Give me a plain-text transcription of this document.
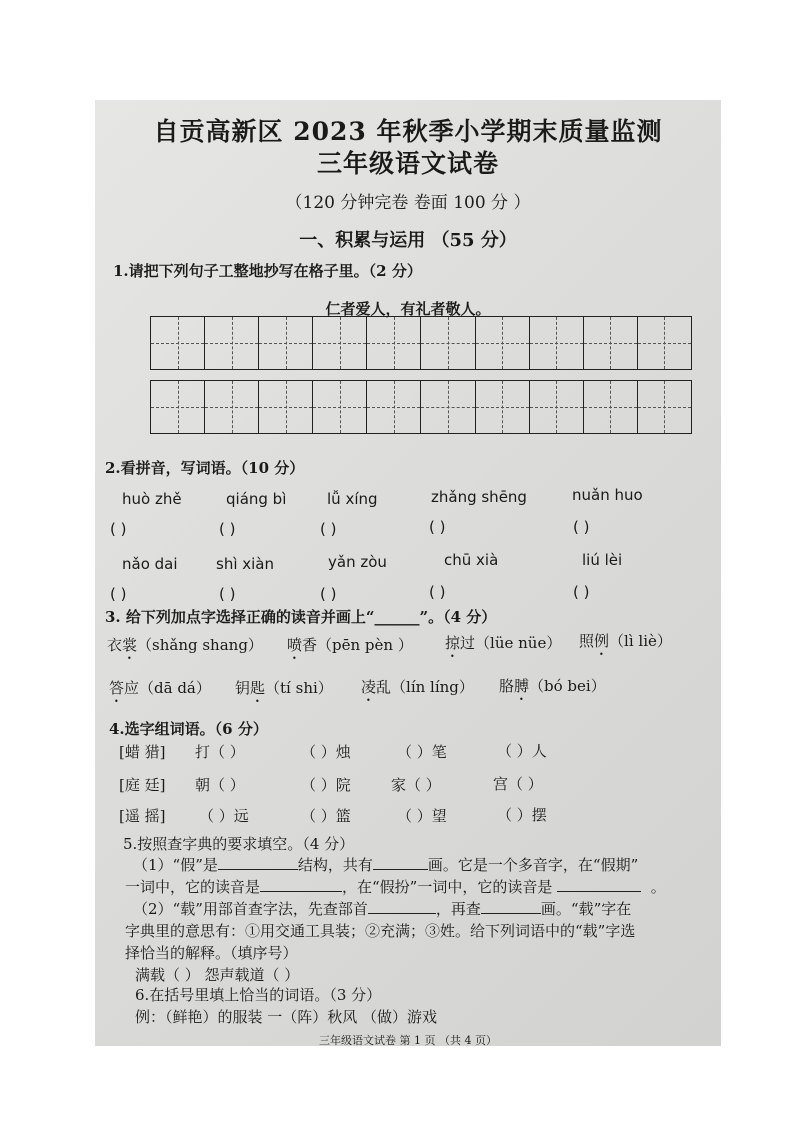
自贡高新区 2023 年秋季小学期末质量监测
三年级语文试卷
（120 分钟完卷 卷面 100 分 ）
一、积累与运用 （55 分）
1.请把下列句子工整地抄写在格子里。（2 分）
仁者爱人，有礼者敬人。
2.看拼音，写词语。（10 分）
huò zhě	qiáng bì	lǚ xíng	zhǎng shēng	nuǎn huo
( )	( )	( )	( )	( )
nǎo dai	shì xiàn	yǎn zòu	chū xià	liú lèi
( )	( )	( )	( )	( )
3. 给下列加点字选择正确的读音并画上“______”。（4 分）
衣裳（shǎng shang） 喷香（pēn pèn ） 掠过（lüe nüe） 照例（lì liè）
答应（dā dá） 钥匙（tí shi） 凌乱（lín líng） 胳膊（bó bei）
4.选字组词语。（6 分）
[蜡 猎] 打（ ）	（ ）烛	（ ）笔	（ ）人
[庭 廷] 朝（ ）	（ ）院	家（ ）	宫（ ）
[遥 摇] （ ）远	（ ）篮	（ ）望	（ ）摆
5.按照查字典的要求填空。（4 分）
（1）“假”是	结构，共有	画。它是一个多音字，在“假期”
一词中，它的读音是	，在“假扮”一词中，它的读音是	。
（2）“载”用部首查字法，先查部首	，再查	画。“载”字在
字典里的意思有：①用交通工具装；②充满；③姓。给下列词语中的“载”字选
择恰当的解释。（填序号）
满载（ ） 怨声载道（ ）
6.在括号里填上恰当的词语。（3 分）
例：（鲜艳）的服装 一（阵）秋风 （做）游戏
三年级语文试卷 第 1 页 （共 4 页）
